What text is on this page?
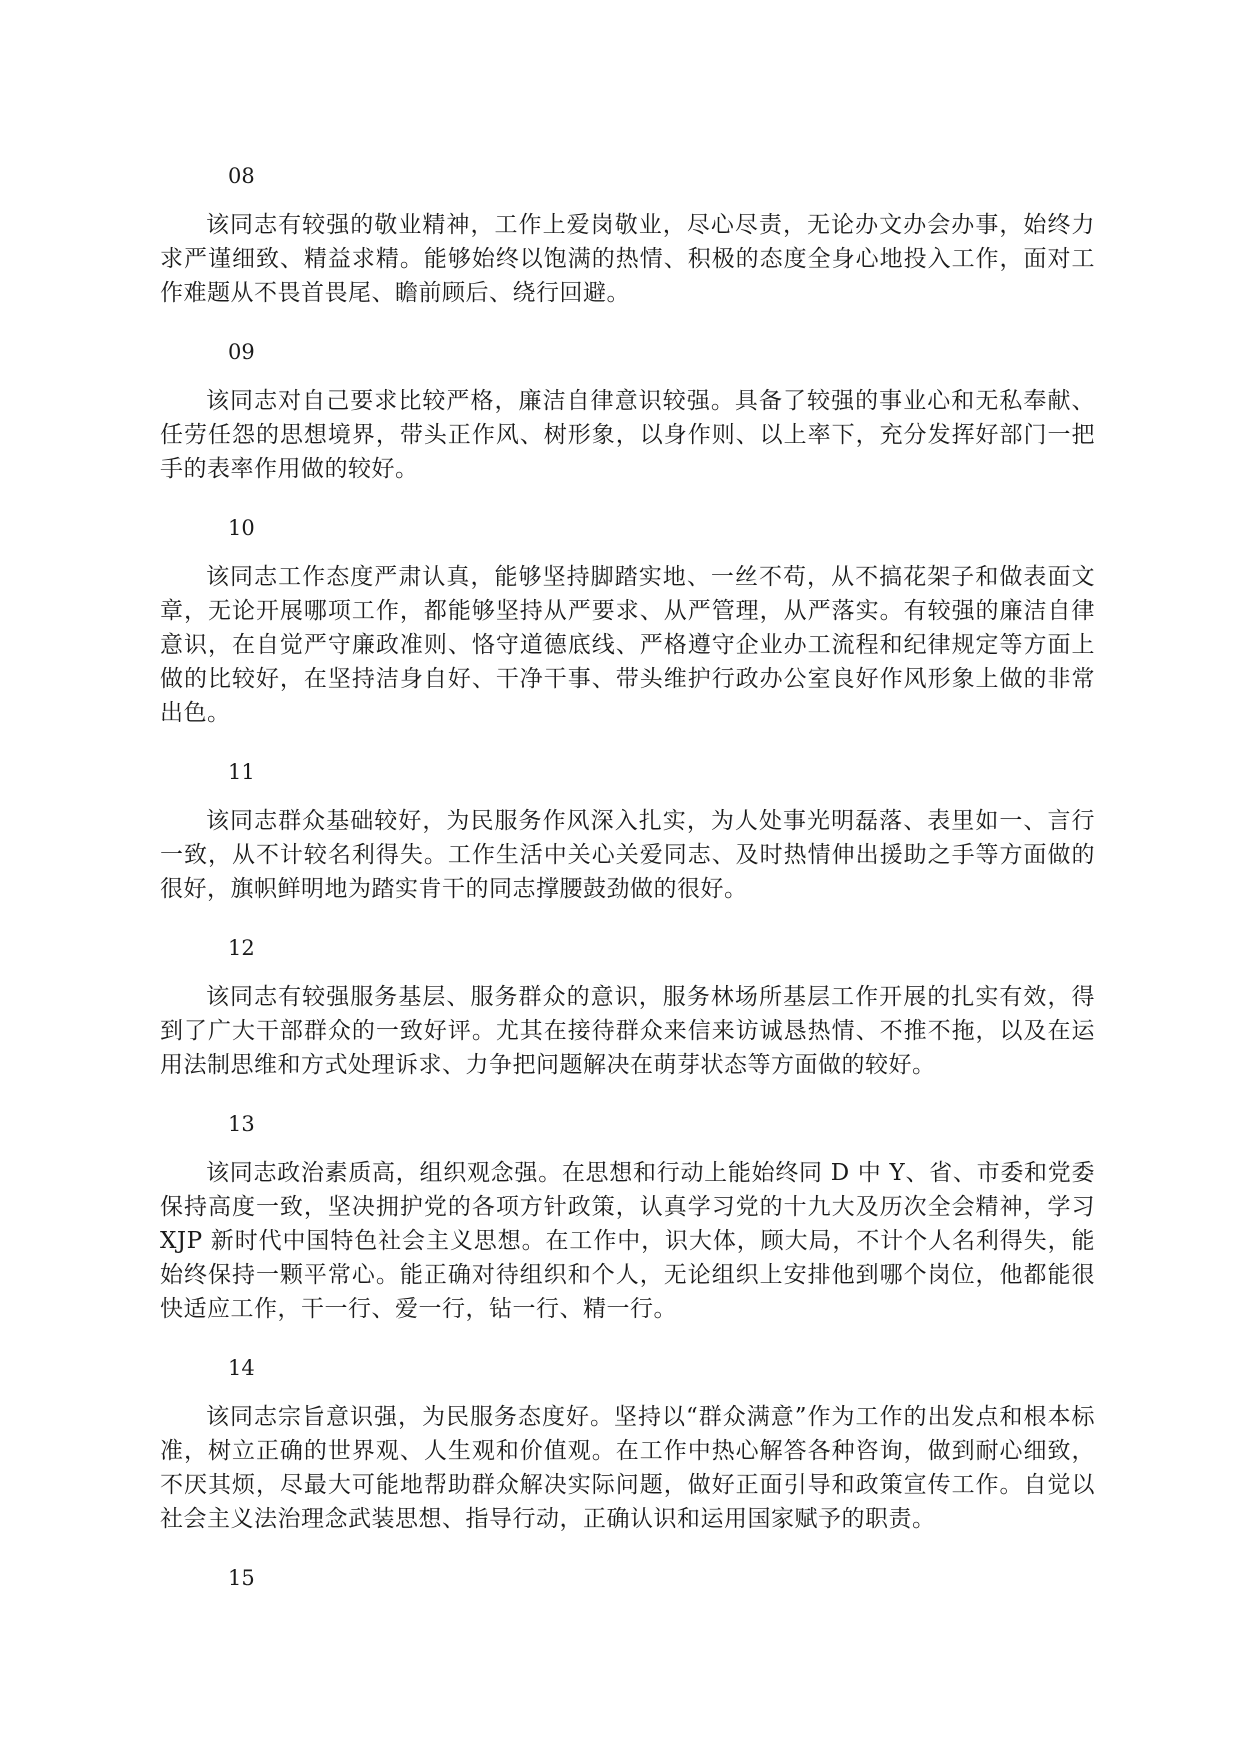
08

该同志有较强的敬业精神，工作上爱岗敬业，尽心尽责，无论办文办会办事，始终力求严谨细致、精益求精。能够始终以饱满的热情、积极的态度全身心地投入工作，面对工作难题从不畏首畏尾、瞻前顾后、绕行回避。

09

该同志对自己要求比较严格，廉洁自律意识较强。具备了较强的事业心和无私奉献、任劳任怨的思想境界，带头正作风、树形象，以身作则、以上率下，充分发挥好部门一把手的表率作用做的较好。

10

该同志工作态度严肃认真，能够坚持脚踏实地、一丝不苟，从不搞花架子和做表面文章，无论开展哪项工作，都能够坚持从严要求、从严管理，从严落实。有较强的廉洁自律意识，在自觉严守廉政准则、恪守道德底线、严格遵守企业办工流程和纪律规定等方面上做的比较好，在坚持洁身自好、干净干事、带头维护行政办公室良好作风形象上做的非常出色。

11

该同志群众基础较好，为民服务作风深入扎实，为人处事光明磊落、表里如一、言行一致，从不计较名利得失。工作生活中关心关爱同志、及时热情伸出援助之手等方面做的很好，旗帜鲜明地为踏实肯干的同志撑腰鼓劲做的很好。

12

该同志有较强服务基层、服务群众的意识，服务林场所基层工作开展的扎实有效，得到了广大干部群众的一致好评。尤其在接待群众来信来访诚恳热情、不推不拖，以及在运用法制思维和方式处理诉求、力争把问题解决在萌芽状态等方面做的较好。

13

该同志政治素质高，组织观念强。在思想和行动上能始终同 D 中 Y、省、市委和党委保持高度一致，坚决拥护党的各项方针政策，认真学习党的十九大及历次全会精神，学习 XJP 新时代中国特色社会主义思想。在工作中，识大体，顾大局，不计个人名利得失，能始终保持一颗平常心。能正确对待组织和个人，无论组织上安排他到哪个岗位，他都能很快适应工作，干一行、爱一行，钻一行、精一行。

14

该同志宗旨意识强，为民服务态度好。坚持以“群众满意”作为工作的出发点和根本标准，树立正确的世界观、人生观和价值观。在工作中热心解答各种咨询，做到耐心细致，不厌其烦，尽最大可能地帮助群众解决实际问题，做好正面引导和政策宣传工作。自觉以社会主义法治理念武装思想、指导行动，正确认识和运用国家赋予的职责。

15
